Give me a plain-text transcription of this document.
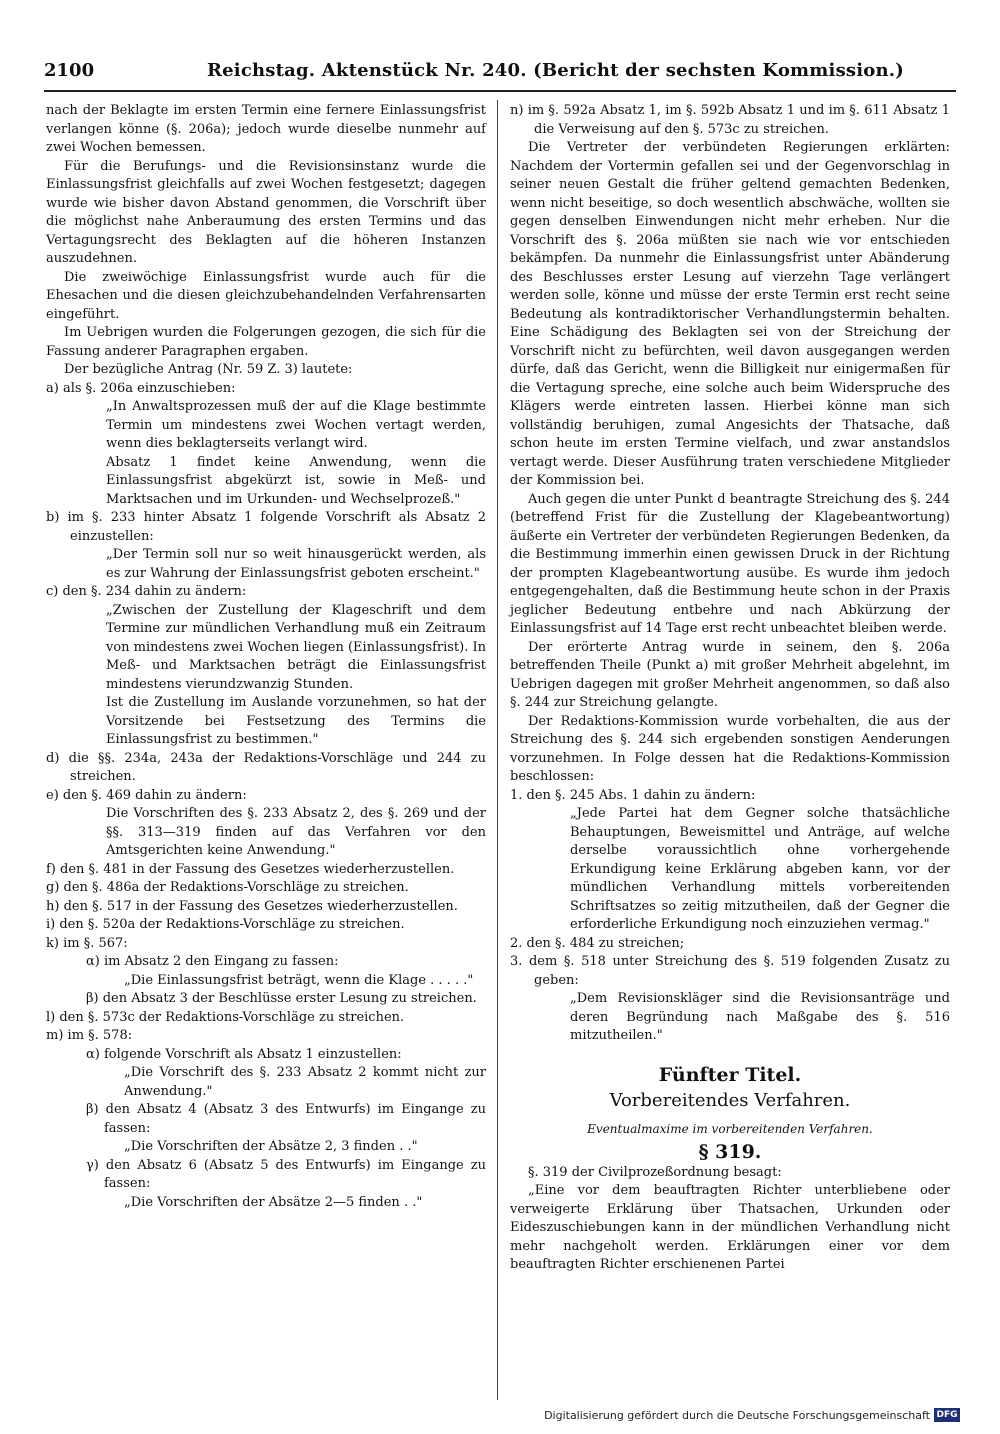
2100	Reichstag. Aktenstück Nr. 240. (Bericht der sechsten Kommission.)

nach der Beklagte im ersten Termin eine fernere Einlassungsfrist verlangen könne (§. 206a); jedoch wurde dieselbe nunmehr auf zwei Wochen bemessen.

Für die Berufungs- und die Revisionsinstanz wurde die Einlassungsfrist gleichfalls auf zwei Wochen festgesetzt; dagegen wurde wie bisher davon Abstand genommen, die Vorschrift über die möglichst nahe Anberaumung des ersten Termins und das Vertagungsrecht des Beklagten auf die höheren Instanzen auszudehnen.

Die zweiwöchige Einlassungsfrist wurde auch für die Ehesachen und die diesen gleichzubehandelnden Verfahrensarten eingeführt.

Im Uebrigen wurden die Folgerungen gezogen, die sich für die Fassung anderer Paragraphen ergaben.

Der bezügliche Antrag (Nr. 59 Z. 3) lautete:

a) als §. 206a einzuschieben:

„In Anwaltsprozessen muß der auf die Klage bestimmte Termin um mindestens zwei Wochen vertagt werden, wenn dies beklagterseits verlangt wird.

Absatz 1 findet keine Anwendung, wenn die Einlassungsfrist abgekürzt ist, sowie in Meß- und Marktsachen und im Urkunden- und Wechselprozeß."

b) im §. 233 hinter Absatz 1 folgende Vorschrift als Absatz 2 einzustellen:

„Der Termin soll nur so weit hinausgerückt werden, als es zur Wahrung der Einlassungsfrist geboten erscheint."

c) den §. 234 dahin zu ändern:

„Zwischen der Zustellung der Klageschrift und dem Termine zur mündlichen Verhandlung muß ein Zeitraum von mindestens zwei Wochen liegen (Einlassungsfrist). In Meß- und Marktsachen beträgt die Einlassungsfrist mindestens vierundzwanzig Stunden.

Ist die Zustellung im Auslande vorzunehmen, so hat der Vorsitzende bei Festsetzung des Termins die Einlassungsfrist zu bestimmen."

d) die §§. 234a, 243a der Redaktions-Vorschläge und 244 zu streichen.

e) den §. 469 dahin zu ändern:

Die Vorschriften des §. 233 Absatz 2, des §. 269 und der §§. 313—319 finden auf das Verfahren vor den Amtsgerichten keine Anwendung."

f) den §. 481 in der Fassung des Gesetzes wiederherzustellen.

g) den §. 486a der Redaktions-Vorschläge zu streichen.

h) den §. 517 in der Fassung des Gesetzes wiederherzustellen.

i) den §. 520a der Redaktions-Vorschläge zu streichen.

k) im §. 567:

α) im Absatz 2 den Eingang zu fassen:

„Die Einlassungsfrist beträgt, wenn die Klage . . . . ."

β) den Absatz 3 der Beschlüsse erster Lesung zu streichen.

l) den §. 573c der Redaktions-Vorschläge zu streichen.

m) im §. 578:

α) folgende Vorschrift als Absatz 1 einzustellen:

„Die Vorschrift des §. 233 Absatz 2 kommt nicht zur Anwendung."

β) den Absatz 4 (Absatz 3 des Entwurfs) im Eingange zu fassen:

„Die Vorschriften der Absätze 2, 3 finden . ."

γ) den Absatz 6 (Absatz 5 des Entwurfs) im Eingange zu fassen:

„Die Vorschriften der Absätze 2—5 finden . ."

n) im §. 592a Absatz 1, im §. 592b Absatz 1 und im §. 611 Absatz 1 die Verweisung auf den §. 573c zu streichen.

Die Vertreter der verbündeten Regierungen erklärten: Nachdem der Vortermin gefallen sei und der Gegenvorschlag in seiner neuen Gestalt die früher geltend gemachten Bedenken, wenn nicht beseitige, so doch wesentlich abschwäche, wollten sie gegen denselben Einwendungen nicht mehr erheben. Nur die Vorschrift des §. 206a müßten sie nach wie vor entschieden bekämpfen. Da nunmehr die Einlassungsfrist unter Abänderung des Beschlusses erster Lesung auf vierzehn Tage verlängert werden solle, könne und müsse der erste Termin erst recht seine Bedeutung als kontradiktorischer Verhandlungstermin behalten. Eine Schädigung des Beklagten sei von der Streichung der Vorschrift nicht zu befürchten, weil davon ausgegangen werden dürfe, daß das Gericht, wenn die Billigkeit nur einigermaßen für die Vertagung spreche, eine solche auch beim Widerspruche des Klägers werde eintreten lassen. Hierbei könne man sich vollständig beruhigen, zumal Angesichts der Thatsache, daß schon heute im ersten Termine vielfach, und zwar anstandslos vertagt werde. Dieser Ausführung traten verschiedene Mitglieder der Kommission bei.

Auch gegen die unter Punkt d beantragte Streichung des §. 244 (betreffend Frist für die Zustellung der Klagebeantwortung) äußerte ein Vertreter der verbündeten Regierungen Bedenken, da die Bestimmung immerhin einen gewissen Druck in der Richtung der prompten Klagebeantwortung ausübe. Es wurde ihm jedoch entgegengehalten, daß die Bestimmung heute schon in der Praxis jeglicher Bedeutung entbehre und nach Abkürzung der Einlassungsfrist auf 14 Tage erst recht unbeachtet bleiben werde.

Der erörterte Antrag wurde in seinem, den §. 206a betreffenden Theile (Punkt a) mit großer Mehrheit abgelehnt, im Uebrigen dagegen mit großer Mehrheit angenommen, so daß also §. 244 zur Streichung gelangte.

Der Redaktions-Kommission wurde vorbehalten, die aus der Streichung des §. 244 sich ergebenden sonstigen Aenderungen vorzunehmen. In Folge dessen hat die Redaktions-Kommission beschlossen:

1. den §. 245 Abs. 1 dahin zu ändern:

„Jede Partei hat dem Gegner solche thatsächliche Behauptungen, Beweismittel und Anträge, auf welche derselbe voraussichtlich ohne vorhergehende Erkundigung keine Erklärung abgeben kann, vor der mündlichen Verhandlung mittels vorbereitenden Schriftsatzes so zeitig mitzutheilen, daß der Gegner die erforderliche Erkundigung noch einzuziehen vermag."

2. den §. 484 zu streichen;

3. dem §. 518 unter Streichung des §. 519 folgenden Zusatz zu geben:

„Dem Revisionskläger sind die Revisionsanträge und deren Begründung nach Maßgabe des §. 516 mitzutheilen."

Fünfter Titel.

Vorbereitendes Verfahren.

Eventualmaxime im vorbereitenden Verfahren.

§ 319.

§. 319 der Civilprozeßordnung besagt:

„Eine vor dem beauftragten Richter unterbliebene oder verweigerte Erklärung über Thatsachen, Urkunden oder Eideszuschiebungen kann in der mündlichen Verhandlung nicht mehr nachgeholt werden. Erklärungen einer vor dem beauftragten Richter erschienenen Partei

Digitalisierung gefördert durch die Deutsche Forschungsgemeinschaft DFG
